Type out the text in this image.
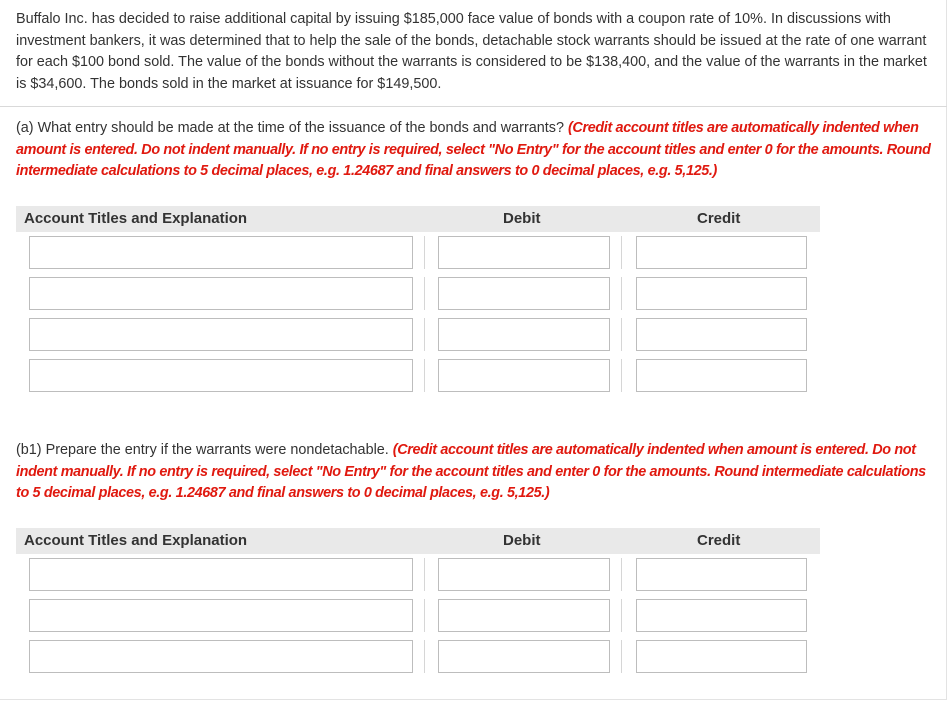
Buffalo Inc. has decided to raise additional capital by issuing $185,000 face value of bonds with a coupon rate of 10%. In discussions with investment bankers, it was determined that to help the sale of the bonds, detachable stock warrants should be issued at the rate of one warrant for each $100 bond sold. The value of the bonds without the warrants is considered to be $138,400, and the value of the warrants in the market is $34,600. The bonds sold in the market at issuance for $149,500.

(a) What entry should be made at the time of the issuance of the bonds and warrants? (Credit account titles are automatically indented when amount is entered. Do not indent manually. If no entry is required, select "No Entry" for the account titles and enter 0 for the amounts. Round intermediate calculations to 5 decimal places, e.g. 1.24687 and final answers to 0 decimal places, e.g. 5,125.)

Account Titles and Explanation	Debit	Credit

(b1) Prepare the entry if the warrants were nondetachable. (Credit account titles are automatically indented when amount is entered. Do not indent manually. If no entry is required, select "No Entry" for the account titles and enter 0 for the amounts. Round intermediate calculations to 5 decimal places, e.g. 1.24687 and final answers to 0 decimal places, e.g. 5,125.)

Account Titles and Explanation	Debit	Credit
